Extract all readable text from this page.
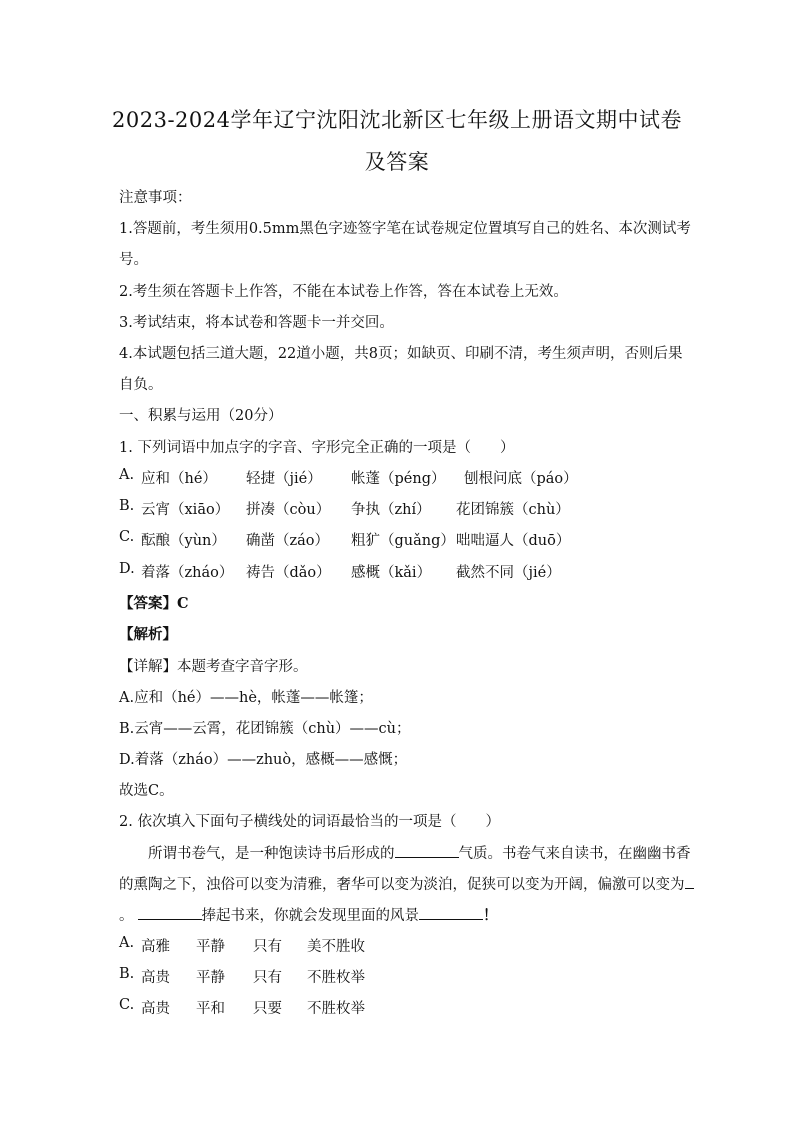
2023-2024学年辽宁沈阳沈北新区七年级上册语文期中试卷
及答案
注意事项：
1.答题前，考生须用0.5mm黑色字迹签字笔在试卷规定位置填写自己的姓名、本次测试考
号。
2.考生须在答题卡上作答，不能在本试卷上作答，答在本试卷上无效。
3.考试结束，将本试卷和答题卡一并交回。
4.本试题包括三道大题，22道小题，共8页；如缺页、印刷不清，考生须声明，否则后果
自负。
一、积累与运用（20分）
1. 下列词语中加点字的字音、字形完全正确的一项是（　　）
A. 应和（hé） 轻捷（jié） 帐蓬（péng） 刨根问底（páo）
B. 云宵（xiāo） 拼凑（còu） 争执（zhí） 花团锦簇（chù）
C. 酝酿（yùn） 确凿（záo） 粗犷（guǎng） 咄咄逼人（duō）
D. 着落（zháo） 祷告（dǎo） 感概（kǎi） 截然不同（jié）
【答案】C
【解析】
【详解】本题考查字音字形。
A.应和（hé）——hè，帐蓬——帐篷；
B.云宵——云霄，花团锦簇（chù）——cù；
D.着落（zháo）——zhuò，感概——感慨；
故选C。
2. 依次填入下面句子横线处的词语最恰当的一项是（　　）
所谓书卷气，是一种饱读诗书后形成的	气质。书卷气来自读书，在幽幽书香
的熏陶之下，浊俗可以变为清雅，奢华可以变为淡泊，促狭可以变为开阔，偏激可以变为
。	捧起书来，你就会发现里面的风景	！
A. 高雅 平静 只有 美不胜收
B. 高贵 平静 只有 不胜枚举
C. 高贵 平和 只要 不胜枚举
